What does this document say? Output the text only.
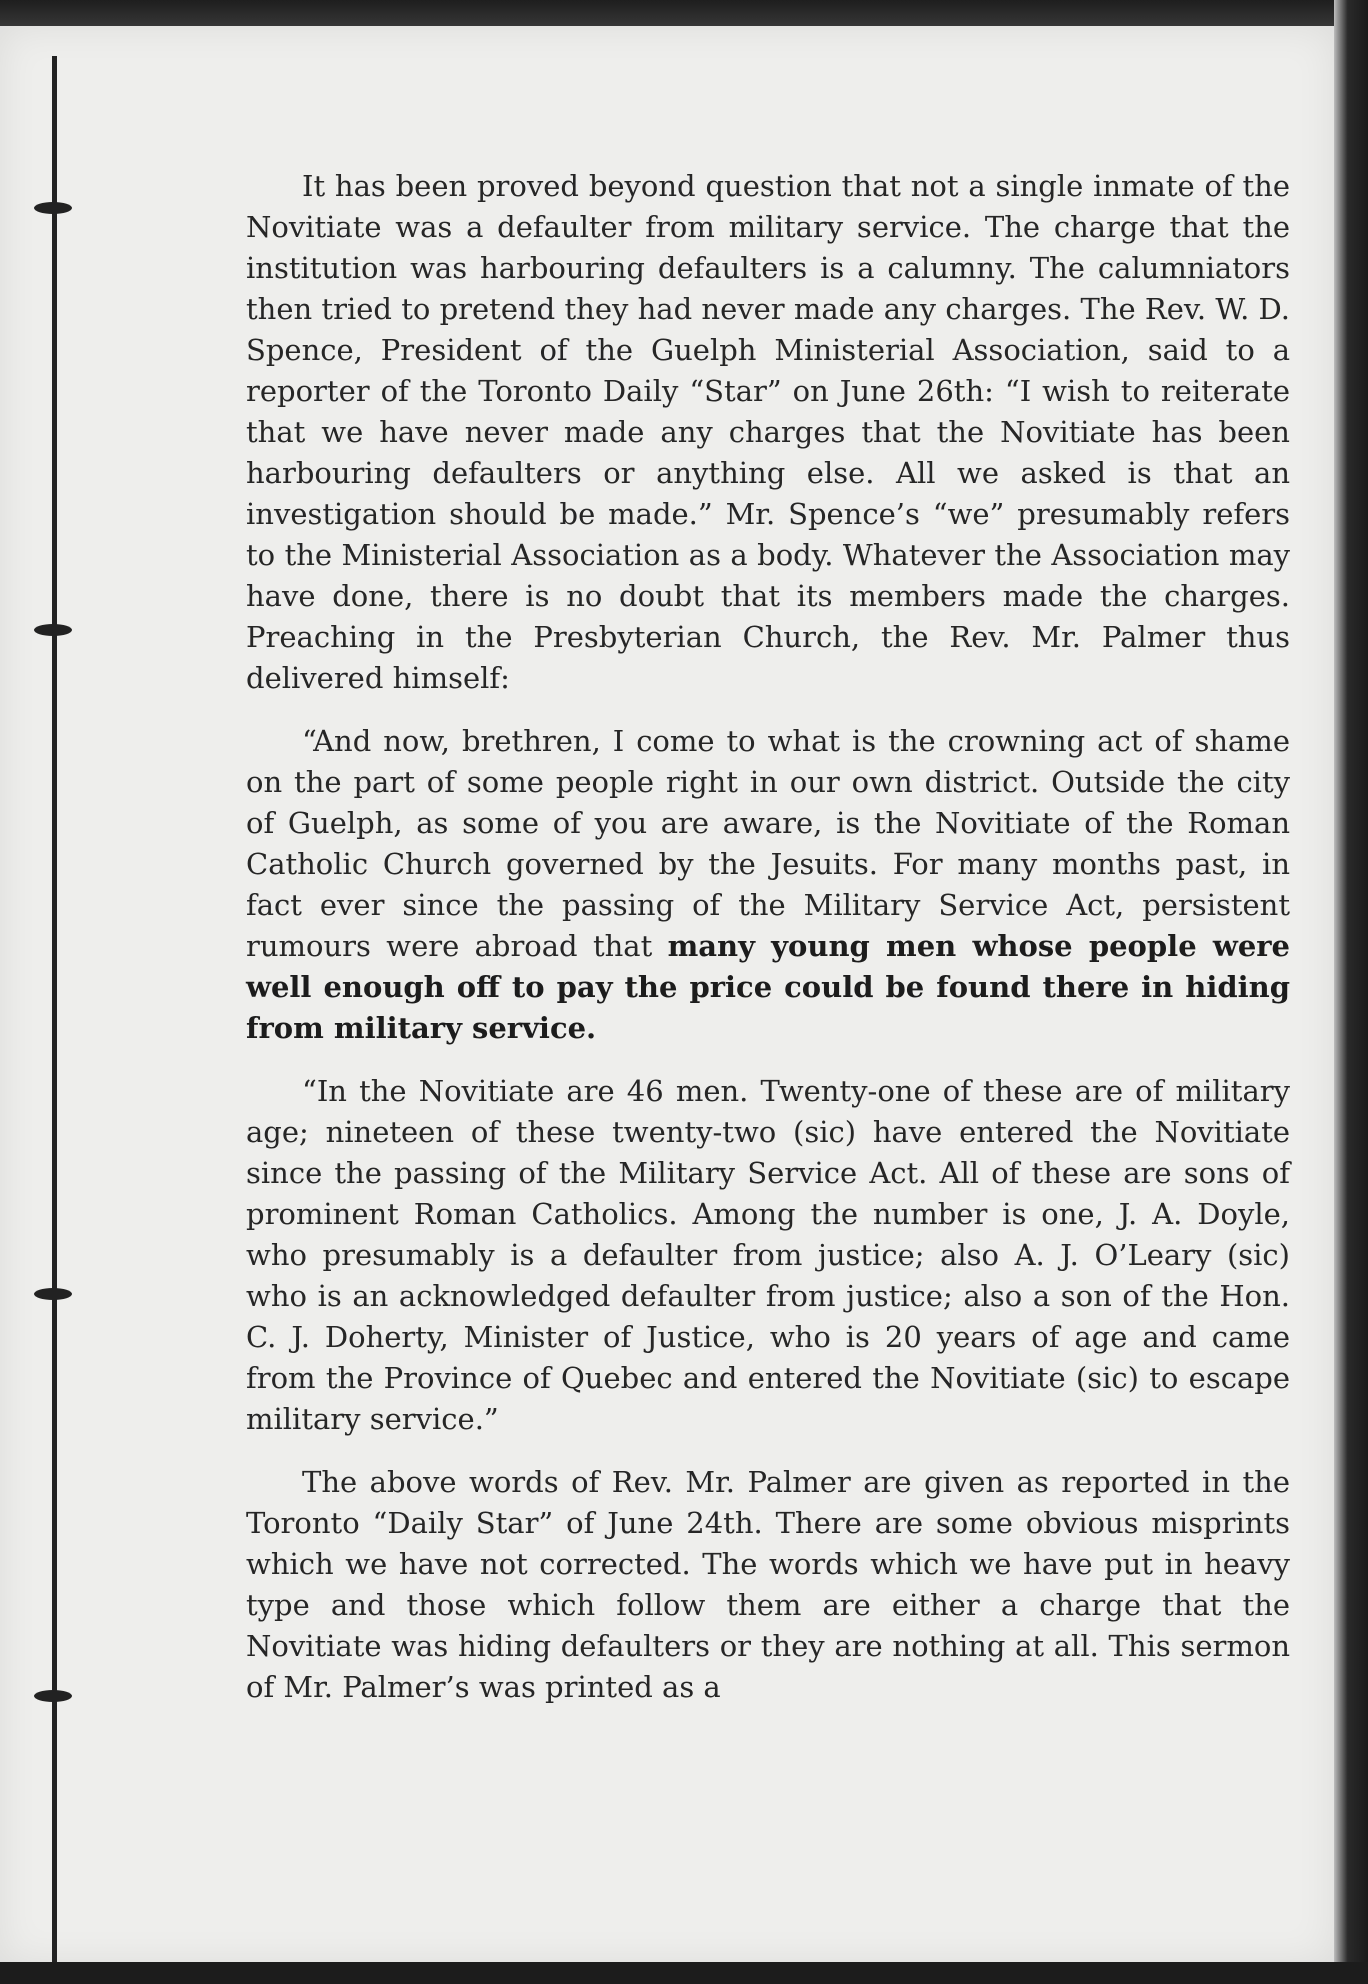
It has been proved beyond question that not a single inmate of the Novitiate was a defaulter from military service. The charge that the institution was harbouring defaulters is a calumny. The calumniators then tried to pretend they had never made any charges. The Rev. W. D. Spence, President of the Guelph Ministerial Association, said to a reporter of the Toronto Daily “Star” on June 26th: “I wish to reiterate that we have never made any charges that the Novitiate has been harbouring defaulters or anything else. All we asked is that an investigation should be made.” Mr. Spence’s “we” presumably refers to the Ministerial Association as a body. Whatever the Association may have done, there is no doubt that its members made the charges. Preaching in the Presbyterian Church, the Rev. Mr. Palmer thus delivered himself:

“And now, brethren, I come to what is the crowning act of shame on the part of some people right in our own district. Outside the city of Guelph, as some of you are aware, is the Novitiate of the Roman Catholic Church governed by the Jesuits. For many months past, in fact ever since the passing of the Military Service Act, persistent rumours were abroad that many young men whose people were well enough off to pay the price could be found there in hiding from military service.

“In the Novitiate are 46 men. Twenty-one of these are of military age; nineteen of these twenty-two (sic) have entered the Novitiate since the passing of the Military Service Act. All of these are sons of prominent Roman Catholics. Among the number is one, J. A. Doyle, who presumably is a defaulter from justice; also A. J. O’Leary (sic) who is an acknowledged defaulter from justice; also a son of the Hon. C. J. Doherty, Minister of Justice, who is 20 years of age and came from the Province of Quebec and entered the Novitiate (sic) to escape military service.”

The above words of Rev. Mr. Palmer are given as reported in the Toronto “Daily Star” of June 24th. There are some obvious misprints which we have not corrected. The words which we have put in heavy type and those which follow them are either a charge that the Novitiate was hiding defaulters or they are nothing at all. This sermon of Mr. Palmer’s was printed as a
